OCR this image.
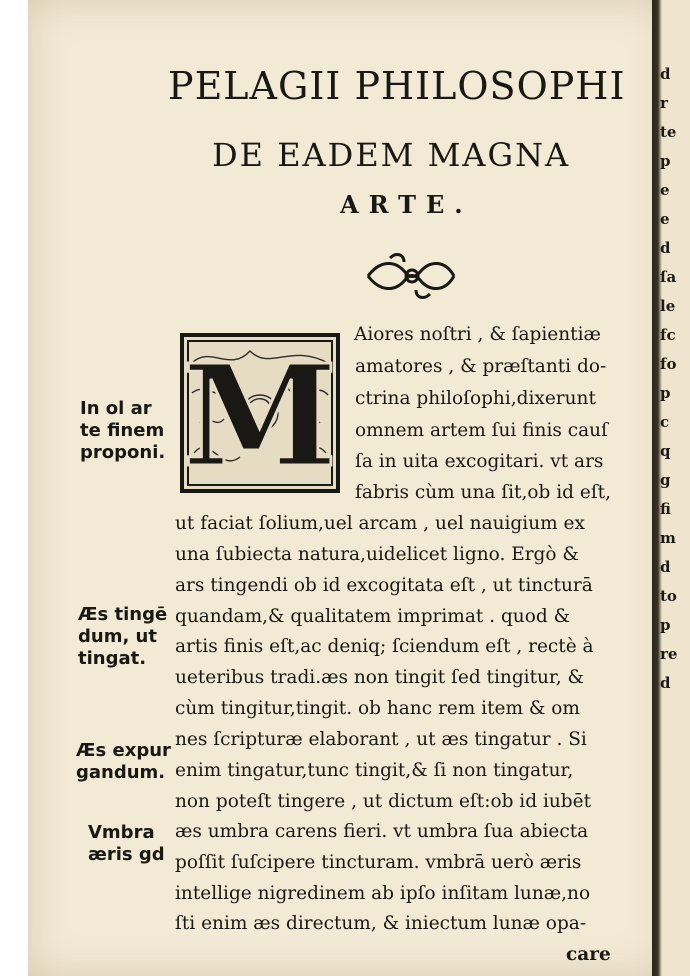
d
r
te
p
e
e
d
ſa
le
fc
fo
p
c
q
g
fi
m
d
to
p
re
d
PELAGII PHILOSOPHI
DE EADEM MAGNA
ARTE.
M
In ol ar
te finem
proponi.
Æs tingē
dum, ut
tingat.
Æs expur
gandum.
Vmbra
æris gd
Aiores noſtri , & ſapientiæ
amatores , & præſtanti do-
ctrina philoſophi,dixerunt
omnem artem ſui finis cauſ
ſa in uita excogitari. vt ars
fabris cùm una ſit,ob id eſt,
ut faciat ſolium,uel arcam , uel nauigium ex
una ſubiecta natura,uidelicet ligno. Ergò &
ars tingendi ob id excogitata eſt , ut tincturā
quandam,& qualitatem imprimat . quod &
artis finis eſt,ac deniq; ſciendum eſt , rectè à
ueteribus tradi.æs non tingit ſed tingitur, &
cùm tingitur,tingit. ob hanc rem item & om
nes ſcripturæ elaborant , ut æs tingatur . Si
enim tingatur,tunc tingit,& ſi non tingatur,
non poteſt tingere , ut dictum eſt:ob id iubēt
æs umbra carens fieri. vt umbra ſua abiecta
poſſit ſuſcipere tincturam. vmbrā uerò æris
intellige nigredinem ab ipſo inſitam lunæ,no
ſti enim æs directum, & iniectum lunæ opa-
care
